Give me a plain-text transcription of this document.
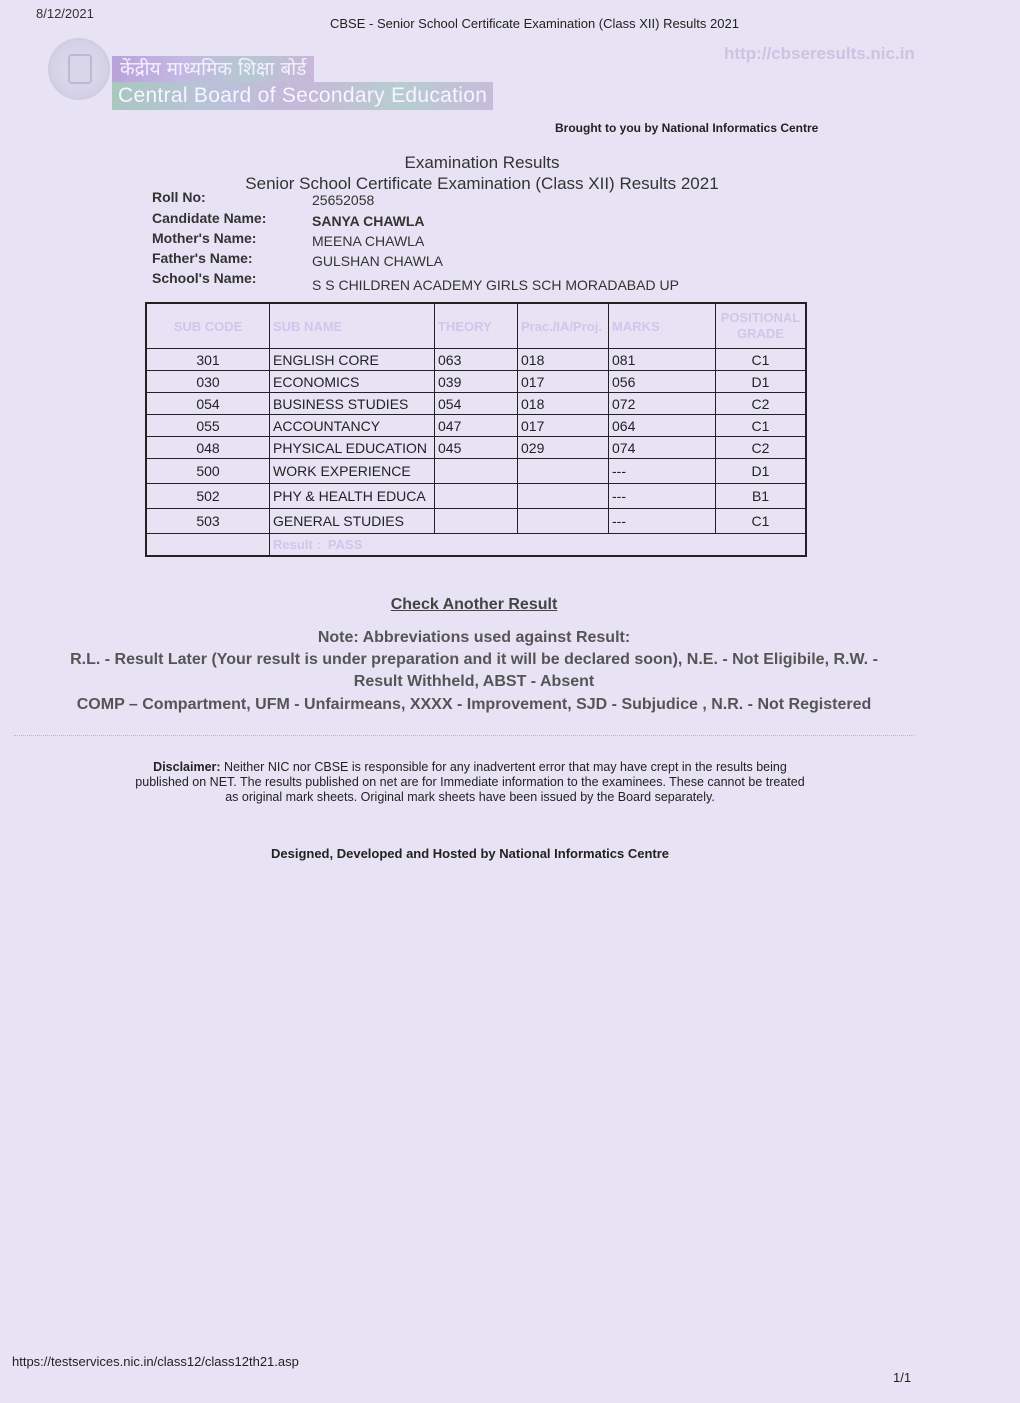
8/12/2021
CBSE - Senior School Certificate Examination (Class XII) Results 2021
केंद्रीय माध्यमिक शिक्षा बोर्ड
Central Board of Secondary Education
http://cbseresults.nic.in
Brought to you by National Informatics Centre
Examination Results
Senior School Certificate Examination (Class XII) Results 2021
Roll No:	25652058
Candidate Name:	SANYA CHAWLA
Mother's Name:	MEENA CHAWLA
Father's Name:	GULSHAN CHAWLA
School's Name:	S S CHILDREN ACADEMY GIRLS SCH MORADABAD UP
SUB CODE	SUB NAME	THEORY	Prac./IA/Proj.	MARKS	POSITIONAL
GRADE
301	ENGLISH CORE	063	018	081	C1
030	ECONOMICS	039	017	056	D1
054	BUSINESS STUDIES	054	018	072	C2
055	ACCOUNTANCY	047	017	064	C1
048	PHYSICAL EDUCATION	045	029	074	C2
500	WORK EXPERIENCE			---	D1
502	PHY & HEALTH EDUCA			---	B1
503	GENERAL STUDIES			---	C1
	Result : PASS				
Check Another Result
Note: Abbreviations used against Result:
R.L. - Result Later (Your result is under preparation and it will be declared soon), N.E. - Not Eligibile, R.W. -
Result Withheld, ABST - Absent
COMP – Compartment, UFM - Unfairmeans, XXXX - Improvement, SJD - Subjudice , N.R. - Not Registered
Disclaimer: Neither NIC nor CBSE is responsible for any inadvertent error that may have crept in the results being published on NET. The results published on net are for Immediate information to the examinees. These cannot be treated as original mark sheets. Original mark sheets have been issued by the Board separately.
Designed, Developed and Hosted by National Informatics Centre
https://testservices.nic.in/class12/class12th21.asp
1/1
